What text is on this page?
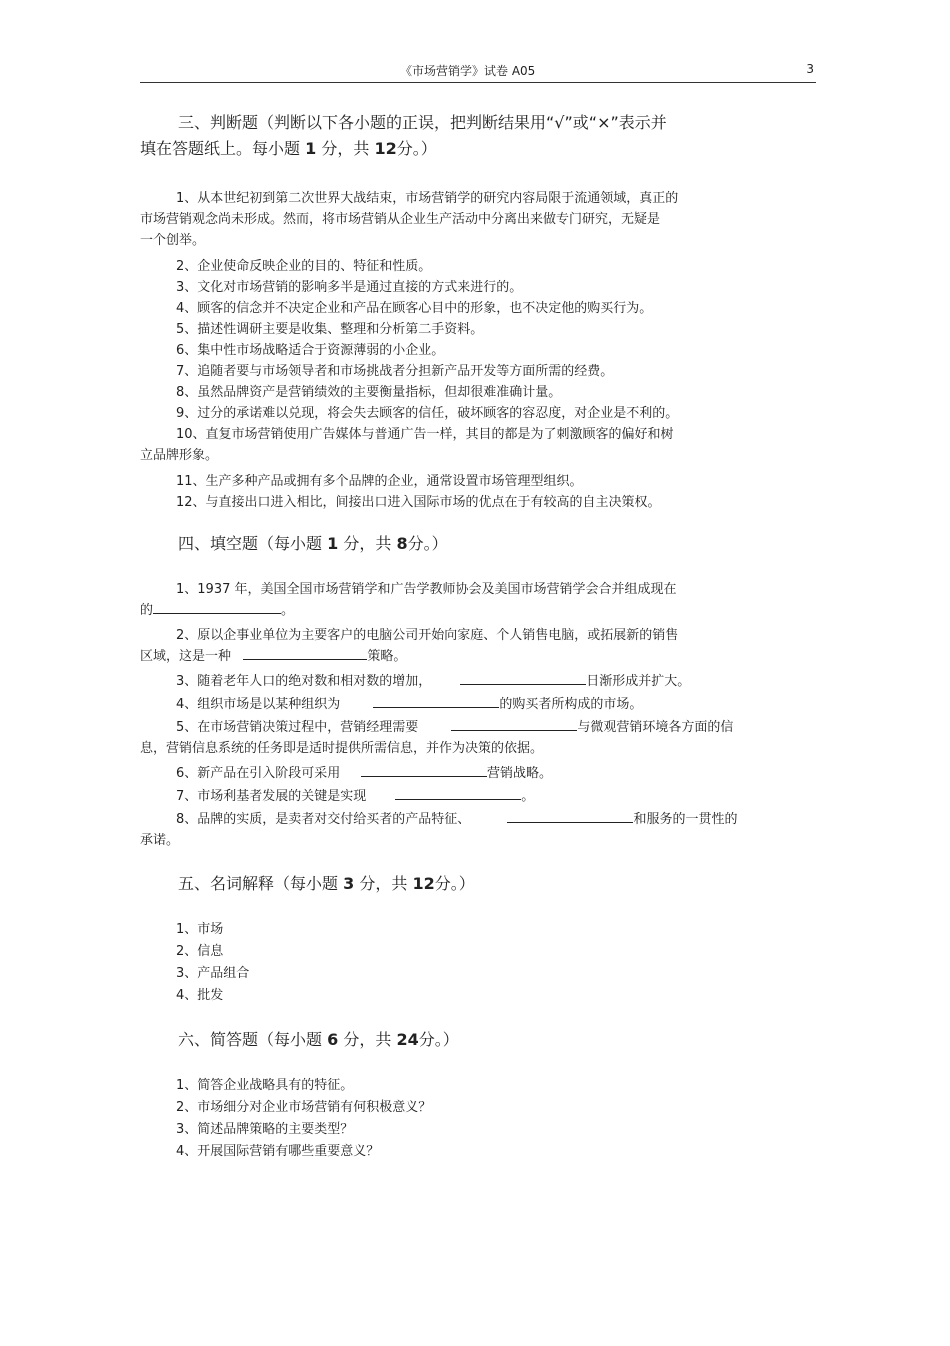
《市场营销学》试卷 A05	3
三、判断题（判断以下各小题的正误，把判断结果用“√”或“×”表示并
填在答题纸上。每小题 1 分，共 12分。）

1、从本世纪初到第二次世界大战结束，市场营销学的研究内容局限于流通领域，真正的

市场营销观念尚未形成。然而，将市场营销从企业生产活动中分离出来做专门研究，无疑是

一个创举。

2、企业使命反映企业的目的、特征和性质。

3、文化对市场营销的影响多半是通过直接的方式来进行的。

4、顾客的信念并不决定企业和产品在顾客心目中的形象，也不决定他的购买行为。

5、描述性调研主要是收集、整理和分析第二手资料。

6、集中性市场战略适合于资源薄弱的小企业。

7、追随者要与市场领导者和市场挑战者分担新产品开发等方面所需的经费。

8、虽然品牌资产是营销绩效的主要衡量指标，但却很难准确计量。

9、过分的承诺难以兑现，将会失去顾客的信任，破坏顾客的容忍度，对企业是不利的。

10、直复市场营销使用广告媒体与普通广告一样，其目的都是为了刺激顾客的偏好和树

立品牌形象。

11、生产多种产品或拥有多个品牌的企业，通常设置市场管理型组织。

12、与直接出口进入相比，间接出口进入国际市场的优点在于有较高的自主决策权。

四、填空题（每小题 1 分，共 8分。）

1、1937 年，美国全国市场营销学和广告学教师协会及美国市场营销学会合并组成现在

的	。

2、原以企事业单位为主要客户的电脑公司开始向家庭、个人销售电脑，或拓展新的销售

区域，这是一种	策略。

3、随着老年人口的绝对数和相对数的增加，	日渐形成并扩大。

4、组织市场是以某种组织为	的购买者所构成的市场。

5、在市场营销决策过程中，营销经理需要	与微观营销环境各方面的信

息，营销信息系统的任务即是适时提供所需信息，并作为决策的依据。

6、新产品在引入阶段可采用	营销战略。

7、市场利基者发展的关键是实现	。

8、品牌的实质，是卖者对交付给买者的产品特征、	和服务的一贯性的

承诺。

五、名词解释（每小题 3 分，共 12分。）

1、市场

2、信息

3、产品组合

4、批发

六、简答题（每小题 6 分，共 24分。）

1、简答企业战略具有的特征。

2、市场细分对企业市场营销有何积极意义？

3、简述品牌策略的主要类型？

4、开展国际营销有哪些重要意义？
